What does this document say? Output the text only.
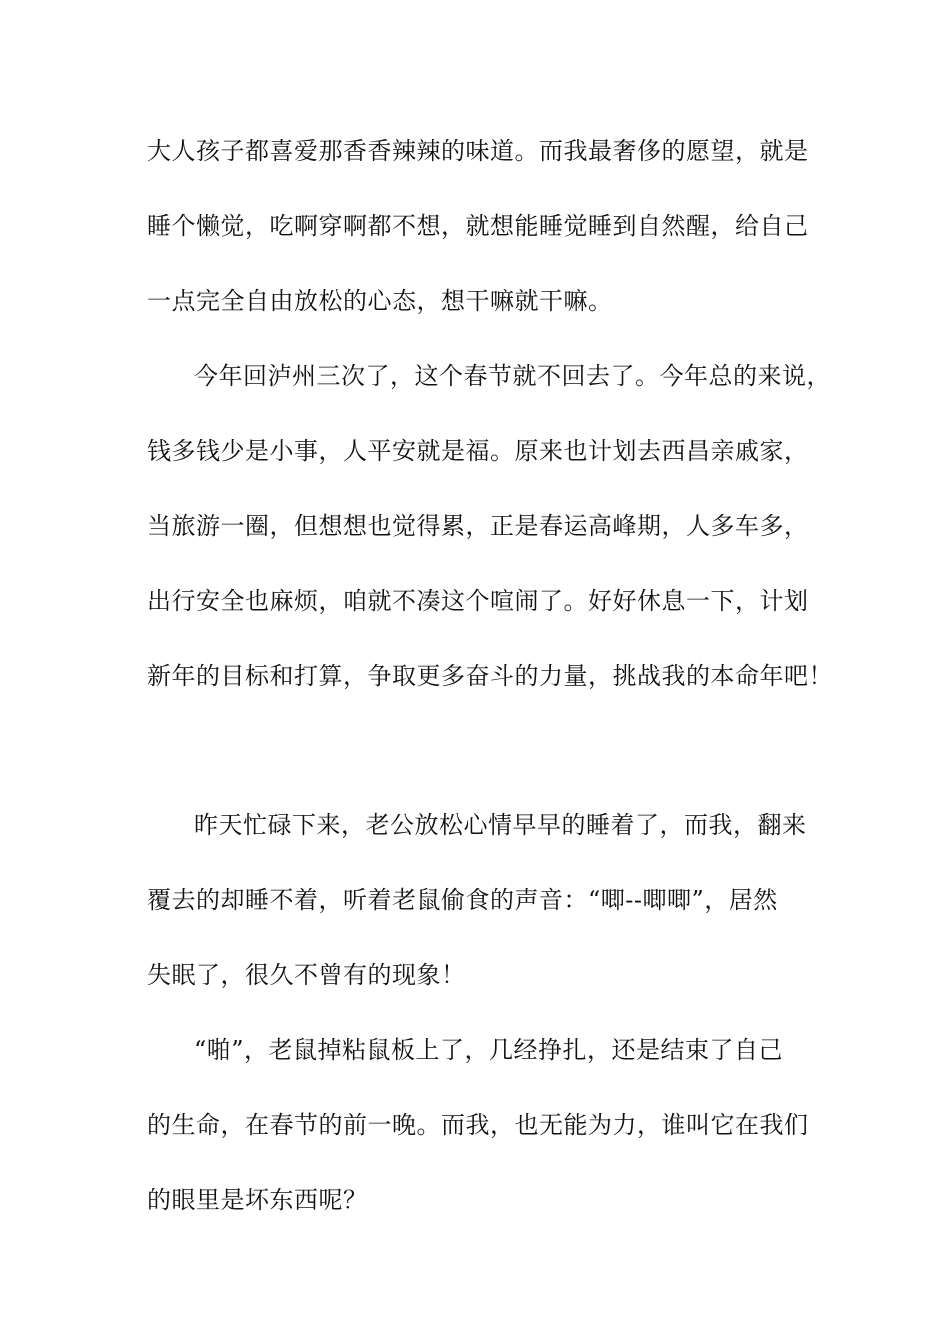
大人孩子都喜爱那香香辣辣的味道。而我最奢侈的愿望，就是
睡个懒觉，吃啊穿啊都不想，就想能睡觉睡到自然醒，给自己
一点完全自由放松的心态，想干嘛就干嘛。
今年回泸州三次了，这个春节就不回去了。今年总的来说，
钱多钱少是小事，人平安就是福。原来也计划去西昌亲戚家，
当旅游一圈，但想想也觉得累，正是春运高峰期，人多车多，
出行安全也麻烦，咱就不凑这个喧闹了。好好休息一下，计划
新年的目标和打算，争取更多奋斗的力量，挑战我的本命年吧！
昨天忙碌下来，老公放松心情早早的睡着了，而我，翻来
覆去的却睡不着，听着老鼠偷食的声音：“唧--唧唧”，居然
失眠了，很久不曾有的现象！
“啪”，老鼠掉粘鼠板上了，几经挣扎，还是结束了自己
的生命，在春节的前一晚。而我，也无能为力，谁叫它在我们
的眼里是坏东西呢？
